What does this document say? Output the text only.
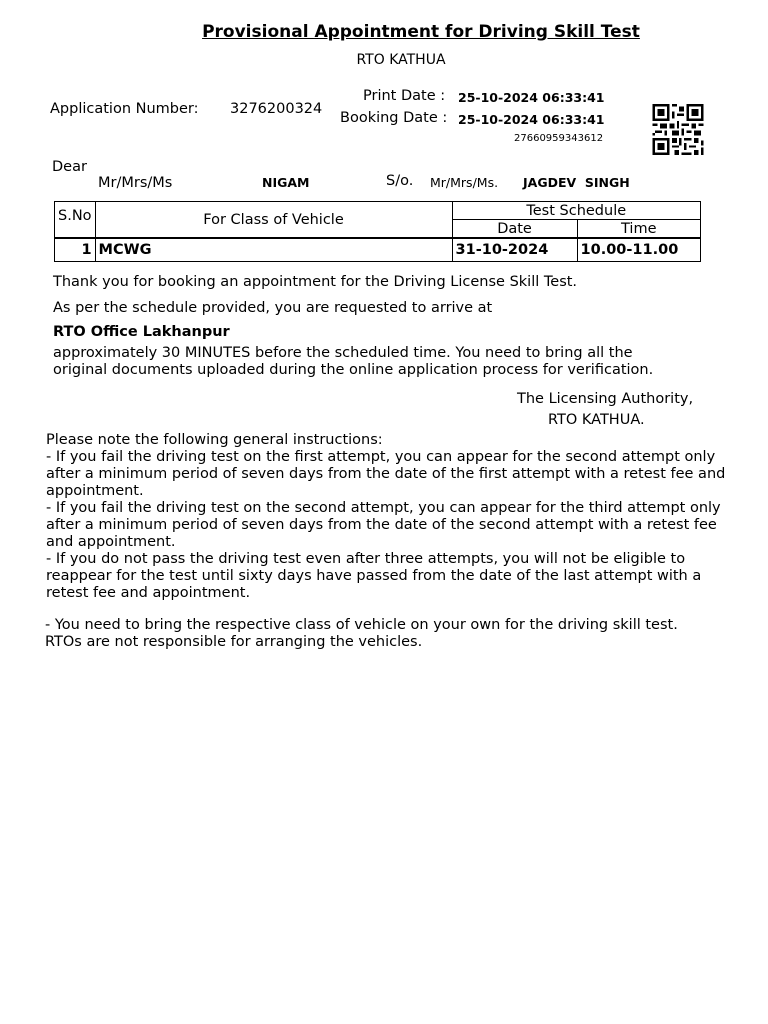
Provisional Appointment for Driving Skill Test
RTO KATHUA
Application Number: 3276200324
Print Date : 25-10-2024 06:33:41
Booking Date : 25-10-2024 06:33:41
27660959343612
Dear
Mr/Mrs/Ms	NIGAM	S/o. Mr/Mrs/Ms. JAGDEV  SINGH
S.No	For Class of Vehicle	Test Schedule	
		Date	Time
1	MCWG	31-10-2024	10.00-11.00
Thank you for booking an appointment for the Driving License Skill Test.
As per the schedule provided, you are requested to arrive at
RTO Office Lakhanpur
approximately 30 MINUTES before the scheduled time. You need to bring all the
original documents uploaded during the online application process for verification.
The Licensing Authority,
RTO KATHUA.
Please note the following general instructions:
- If you fail the driving test on the first attempt, you can appear for the second attempt only after a minimum period of seven days from the date of the first attempt with a retest fee and appointment.
- If you fail the driving test on the second attempt, you can appear for the third attempt only after a minimum period of seven days from the date of the second attempt with a retest fee and appointment.
- If you do not pass the driving test even after three attempts, you will not be eligible to reappear for the test until sixty days have passed from the date of the last attempt with a retest fee and appointment.
- You need to bring the respective class of vehicle on your own for the driving skill test. RTOs are not responsible for arranging the vehicles.
